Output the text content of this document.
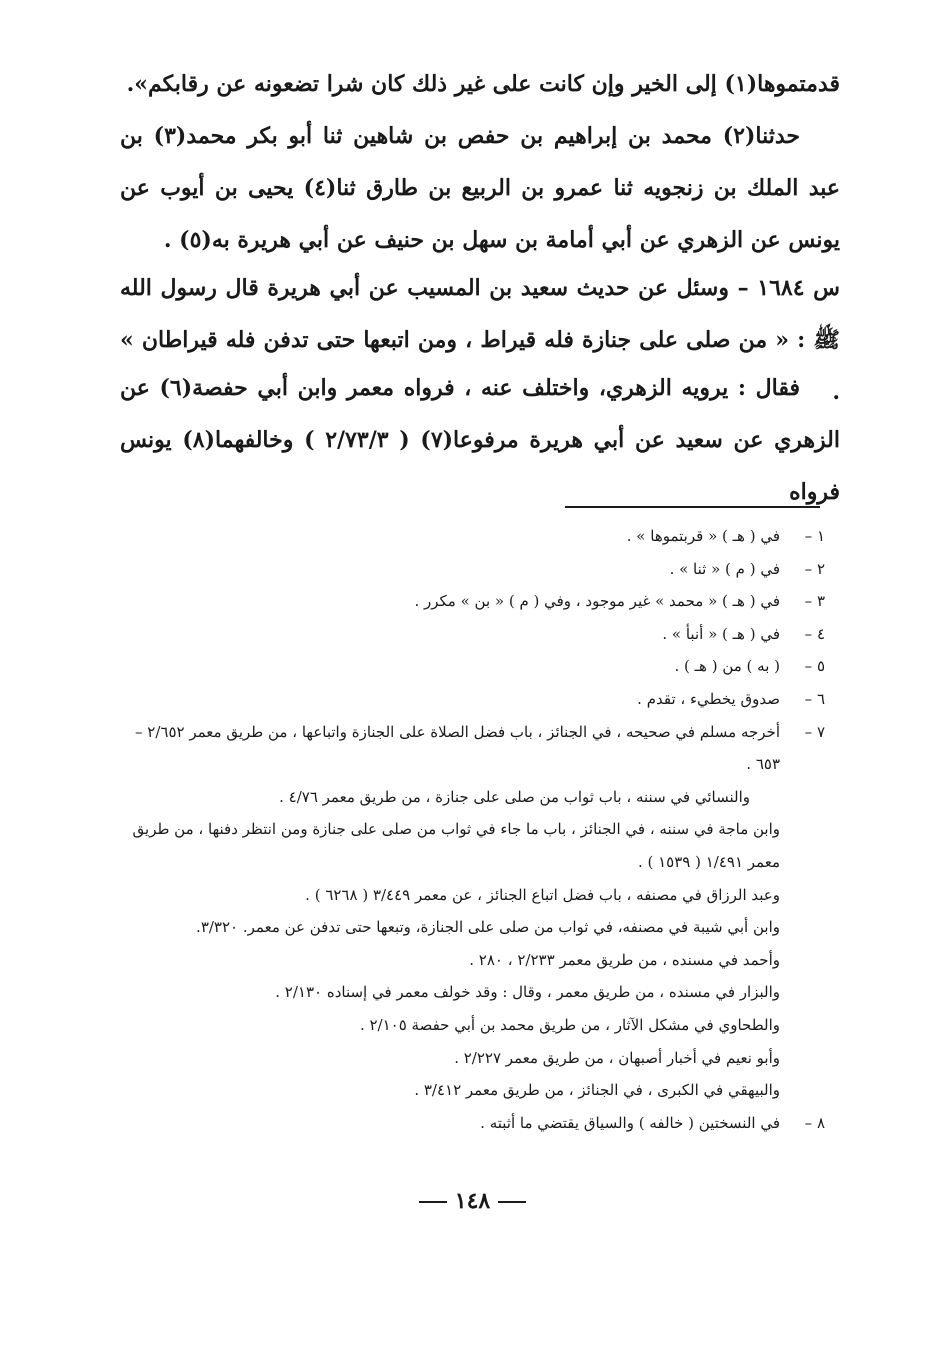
قدمتموها(١) إلى الخير وإن كانت على غير ذلك كان شرا تضعونه عن رقابكم».

حدثنا(٢) محمد بن إبراهيم بن حفص بن شاهين ثنا أبو بكر محمد(٣) بن عبد الملك بن زنجويه ثنا عمرو بن الربيع بن طارق ثنا(٤) يحيى بن أيوب عن يونس عن الزهري عن أبي أمامة بن سهل بن حنيف عن أبي هريرة به(٥) .

س ١٦٨٤ – وسئل عن حديث سعيد بن المسيب عن أبي هريرة قال رسول الله ﷺ : « من صلى على جنازة فله قيراط ، ومن اتبعها حتى تدفن فله قيراطان » .

فقال : يرويه الزهري، واختلف عنه ، فرواه معمر وابن أبي حفصة(٦) عن الزهري عن سعيد عن أبي هريرة مرفوعا(٧) ( ٢/٧٣/٣ ) وخالفهما(٨) يونس فرواه

١ –
في ( هـ ) « قربتموها » .
٢ –
في ( م ) « ثنا » .
٣ –
في ( هـ ) « محمد » غير موجود ، وفي ( م ) « بن » مكرر .
٤ –
في ( هـ ) « أنبأ » .
٥ –
( به ) من ( هـ ) .
٦ –
صدوق يخطيء ، تقدم .
٧ –
أخرجه مسلم في صحيحه ، في الجنائز ، باب فضل الصلاة على الجنازة واتباعها ، من طريق معمر ٢/٦٥٢ – ٦٥٣ .
والنسائي في سننه ، باب ثواب من صلى على جنازة ، من طريق معمر ٤/٧٦ .
وابن ماجة في سننه ، في الجنائز ، باب ما جاء في ثواب من صلى على جنازة ومن انتظر دفنها ، من طريق معمر ١/٤٩١ ( ١٥٣٩ ) .
وعبد الرزاق في مصنفه ، باب فضل اتباع الجنائز ، عن معمر ٣/٤٤٩ ( ٦٢٦٨ ) .
وابن أبي شيبة في مصنفه، في ثواب من صلى على الجنازة، وتبعها حتى تدفن عن معمر. ٣/٣٢٠.
وأحمد في مسنده ، من طريق معمر ٢/٢٣٣ ، ٢٨٠ .
والبزار في مسنده ، من طريق معمر ، وقال : وقد خولف معمر في إسناده ٢/١٣٠ .
والطحاوي في مشكل الآثار ، من طريق محمد بن أبي حفصة ٢/١٠٥ .
وأبو نعيم في أخبار أصبهان ، من طريق معمر ٢/٢٢٧ .
والبيهقي في الكبرى ، في الجنائز ، من طريق معمر ٣/٤١٢ .
٨ –
في النسختين ( خالفه ) والسياق يقتضي ما أثبته .
١٤٨
